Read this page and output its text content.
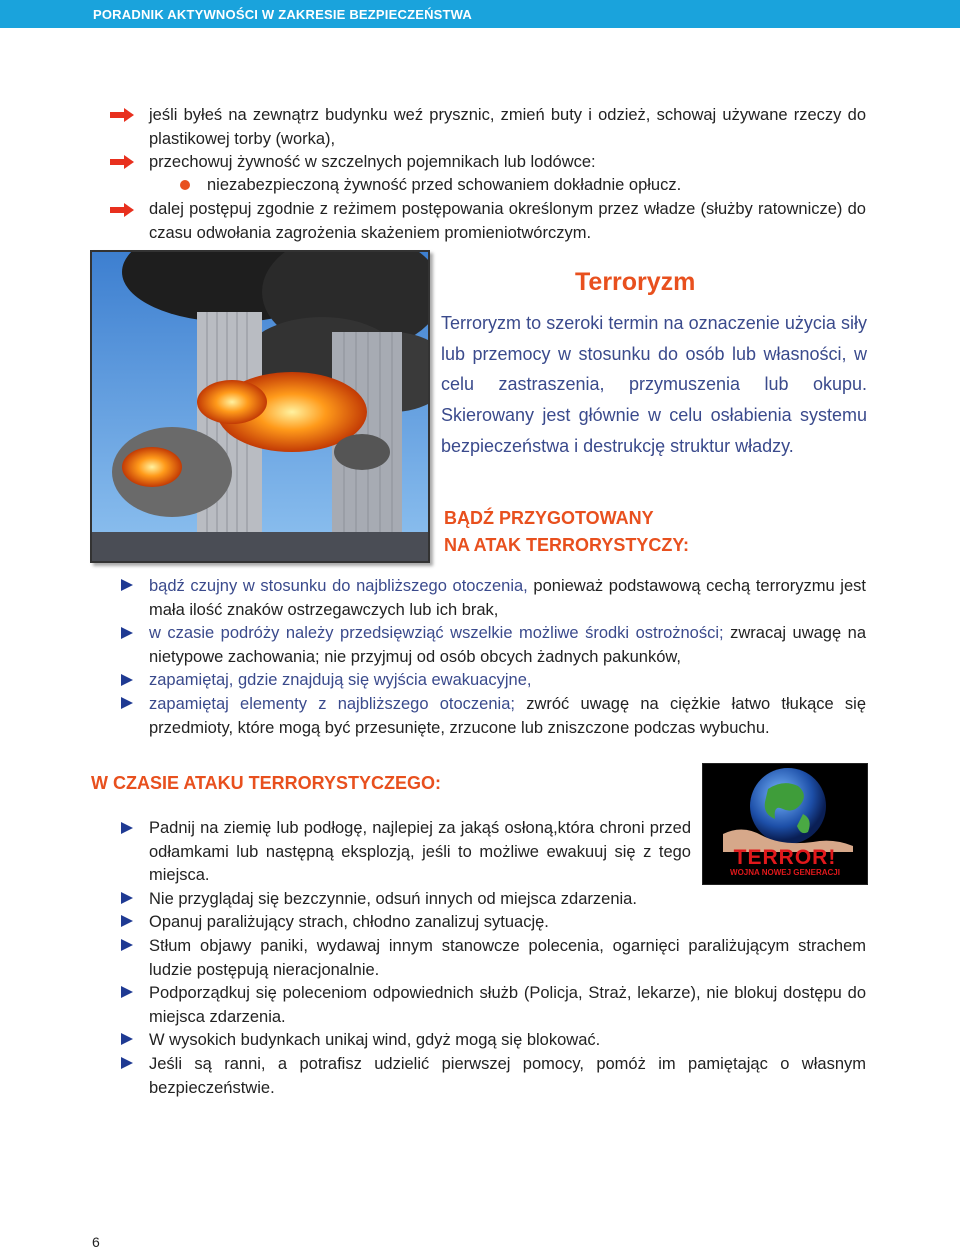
PORADNIK AKTYWNOŚCI W ZAKRESIE BEZPIECZEŃSTWA
jeśli byłeś na zewnątrz budynku weź prysznic, zmień buty i odzież, schowaj używane rzeczy do plastikowej torby (worka),
przechowuj żywność w szczelnych pojemnikach lub lodówce:
niezabezpieczoną żywność przed schowaniem dokładnie opłucz.
dalej postępuj zgodnie z reżimem postępowania określonym przez władze (służby ratownicze) do czasu odwołania zagrożenia skażeniem promieniotwórczym.
Terroryzm
Terroryzm to szeroki termin na oznaczenie użycia siły lub przemocy w stosunku do osób lub własności, w celu zastraszenia, przymuszenia lub okupu. Skierowany jest głównie w celu osłabienia systemu bezpieczeństwa i destrukcję struktur władzy.
BĄDŹ PRZYGOTOWANY
NA ATAK TERRORYSTYCZY:
bądź czujny w stosunku do najbliższego otoczenia, ponieważ podstawową cechą terroryzmu jest mała ilość znaków ostrzegawczych lub ich brak,
w czasie podróży należy przedsięwziąć wszelkie możliwe środki ostrożności; zwracaj uwagę na nietypowe zachowania; nie przyjmuj od osób obcych żadnych pakunków,
zapamiętaj, gdzie znajdują się wyjścia ewakuacyjne,
zapamiętaj elementy z najbliższego otoczenia; zwróć uwagę na ciężkie łatwo tłukące się przedmioty, które mogą być przesunięte, zrzucone lub zniszczone podczas wybuchu.
W CZASIE ATAKU TERRORYSTYCZEGO:
TERROR!
WOJNA NOWEJ GENERACJI
Padnij na ziemię lub podłogę, najlepiej za jakąś osłoną,która chroni przed odłamkami lub następną eksplozją, jeśli to możliwe ewakuuj się z tego miejsca.
Nie przyglądaj się bezczynnie, odsuń innych od miejsca zdarzenia.
Opanuj paraliżujący strach, chłodno zanalizuj sytuację.
Stłum objawy paniki, wydawaj innym stanowcze polecenia, ogarnięci paraliżującym strachem ludzie postępują nieracjonalnie.
Podporządkuj się poleceniom odpowiednich służb (Policja, Straż, lekarze), nie blokuj dostępu do miejsca zdarzenia.
W wysokich budynkach unikaj wind, gdyż mogą się blokować.
Jeśli są ranni, a potrafisz udzielić pierwszej pomocy, pomóż im pamiętając o własnym bezpieczeństwie.
6
